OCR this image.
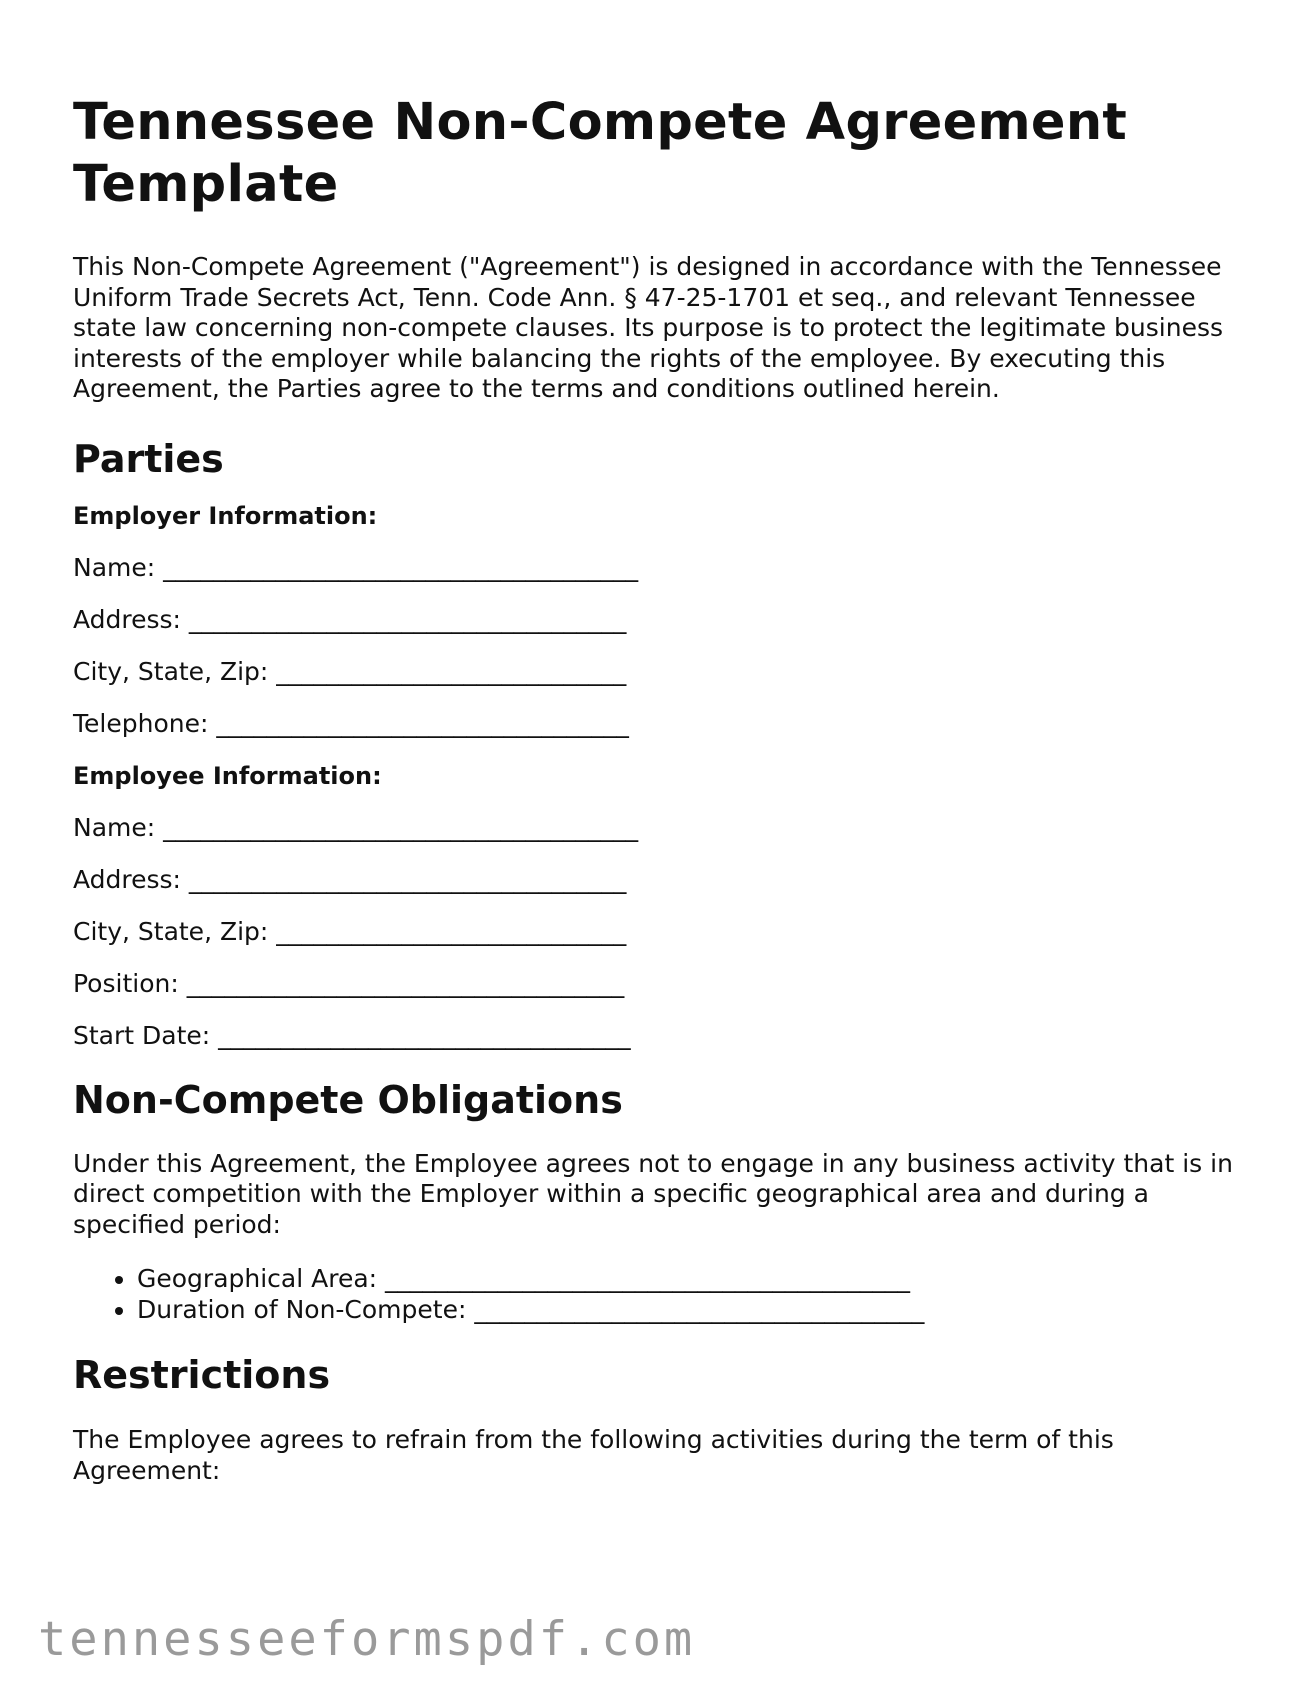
Tennessee Non-Compete Agreement Template

This Non-Compete Agreement ("Agreement") is designed in accordance with the Tennessee Uniform Trade Secrets Act, Tenn. Code Ann. § 47-25-1701 et seq., and relevant Tennessee state law concerning non-compete clauses. Its purpose is to protect the legitimate business interests of the employer while balancing the rights of the employee. By executing this Agreement, the Parties agree to the terms and conditions outlined herein.

Parties
Employer Information:
Name: ______________________________________
Address: ___________________________________
City, State, Zip: ____________________________
Telephone: _________________________________
Employee Information:
Name: ______________________________________
Address: ___________________________________
City, State, Zip: ____________________________
Position: ___________________________________
Start Date: _________________________________
Non-Compete Obligations

Under this Agreement, the Employee agrees not to engage in any business activity that is in direct competition with the Employer within a specific geographical area and during a specified period:

• Geographical Area: __________________________________________
• Duration of Non-Compete: ____________________________________
Restrictions

The Employee agrees to refrain from the following activities during the term of this Agreement:

tennesseeformspdf.com
